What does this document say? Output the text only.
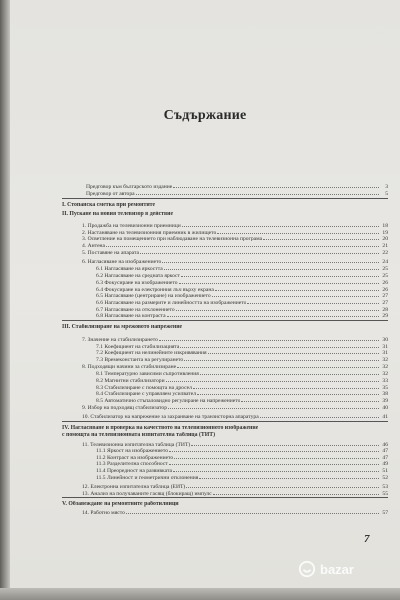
Съдържание
Предговор към българското издание	3
Предговор от автора	5
I. Стопанска сметка при ремонтите
II. Пускане на новия телевизор в действие
1. Продажба на телевизионни приемници	18
2. Настаняване на телевизионния приемник в жилището	19
3. Осветление на помещението при наблюдаване на телевизионна програма	20
4. Антена	21
5. Поставяне на апарата	22
6. Нагласяване на изображението	24
6.1 Нагласяване на яркостта	25
6.2 Нагласяване на средната яркост	25
6.3 Фокусиране на изображението	26
6.4 Фокусиране на електронния лъч върху екрана	26
6.5 Нагласяване (центриране) на изображението	27
6.6 Нагласяване на размерите и линейността на изображението	27
6.7 Нагласяване на отклонението	28
6.8 Нагласяване на контраста	29
III. Стабилизиране на мрежовото напрежение
7. Значение на стабилизирането	30
7.1 Коефициент на стабилизацията	31
7.2 Коефициент на нелинейните изкривявания	31
7.3 Времеконстанта на регулирането	32
8. Подходящи начини за стабилизиране	32
8.1 Температурно зависими съпротивления	32
8.2 Магнитни стабилизатори	33
8.3 Стабилизиране с помощта на дросел	35
8.4 Стабилизиране с управляем усилвател	38
8.5 Автоматично стъпаловидно регулиране на напрежението	39
9. Избор на подходящ стабилизатор	40
10. Стабилизатор на напрежение за захранване на транзисторна апаратура	41
IV. Нагласяване и проверка на качеството на телевизионното изображение
с помощта на телевизионната изпитателна таблица (ТИТ)
11. Телевизионна изпитателна таблица (ТИТ)	46
11.1 Яркост на изображението	47
11.2 Контраст на изображението	47
11.3 Разделителна способност	49
11.4 Преоредност на развивката	51
11.5 Линейност и геометрични отклонения	52
12. Електронна изпитателна таблица (ЕИТ)	53
13. Анализ на получаваните гасящ (блокиращ) импулс	55
V. Обзавеждане на ремонтните работилници
14. Работно място	57
7
bazar
